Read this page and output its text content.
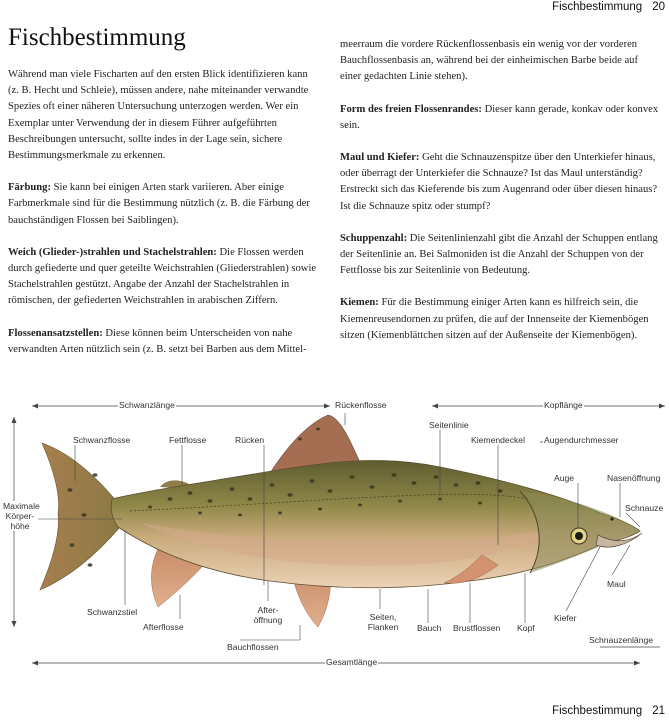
Fischbestimmung 20
Fischbestimmung

Während man viele Fischarten auf den ersten Blick identifizieren kann (z. B. Hecht und Schleie), müssen andere, nahe miteinander verwandte Spezies oft einer näheren Untersuchung unterzogen werden. Wer ein Exemplar unter Verwendung der in diesem Führer aufgeführten Beschreibungen untersucht, sollte indes in der Lage sein, sichere Bestimmungsmerkmale zu erkennen.

Färbung: Sie kann bei einigen Arten stark variieren. Aber einige Farbmerkmale sind für die Bestimmung nützlich (z. B. die Färbung der bauchständigen Flossen bei Saiblingen).

Weich (Glieder-)strahlen und Stachelstrahlen: Die Flossen werden durch gefiederte und quer geteilte Weichstrahlen (Gliederstrahlen) sowie Stachelstrahlen gestützt. Angabe der Anzahl der Stachelstrahlen in römischen, der gefiederten Weichstrahlen in arabischen Ziffern.

Flossenansatzstellen: Diese können beim Unterscheiden von nahe verwandten Arten nützlich sein (z. B. setzt bei Barben aus dem Mittel-

meerraum die vordere Rückenflossenbasis ein wenig vor der vorderen Bauchflossenbasis an, während bei der einheimischen Barbe beide auf einer gedachten Linie stehen).

Form des freien Flossenrandes: Dieser kann gerade, konkav oder konvex sein.

Maul und Kiefer: Geht die Schnauzenspitze über den Unterkiefer hinaus, oder überragt der Unterkiefer die Schnauze? Ist das Maul unterständig? Erstreckt sich das Kieferende bis zum Augenrand oder über diesen hinaus? Ist die Schnauze spitz oder stumpf?

Schuppenzahl: Die Seitenlinienzahl gibt die Anzahl der Schuppen entlang der Seitenlinie an. Bei Salmoniden ist die Anzahl der Schuppen von der Fettflosse bis zur Seitenlinie von Bedeutung.

Kiemen: Für die Bestimmung einiger Arten kann es hilfreich sein, die Kiemenreusendornen zu prüfen, die auf der Innenseite der Kiemenbögen sitzen (Kiemenblättchen sitzen auf der Außenseite der Kiemenbögen).

Schwanzlänge	Rückenflosse	Kopflänge
Seitenlinie
Schwanzflosse	Fettflosse	Rücken	Kiemendeckel Augendurchmesser
Auge	Nasenöffnung
Schnauze
Maximale Körper- höhe
Maul
Schwanzstiel
Afterflosse
After- öffnung	Seiten, Flanken	Bauch Brustflossen Kopf
Kiefer
Schnauzenlänge
Bauchflossen
Gesamtlänge
Fischbestimmung 21
